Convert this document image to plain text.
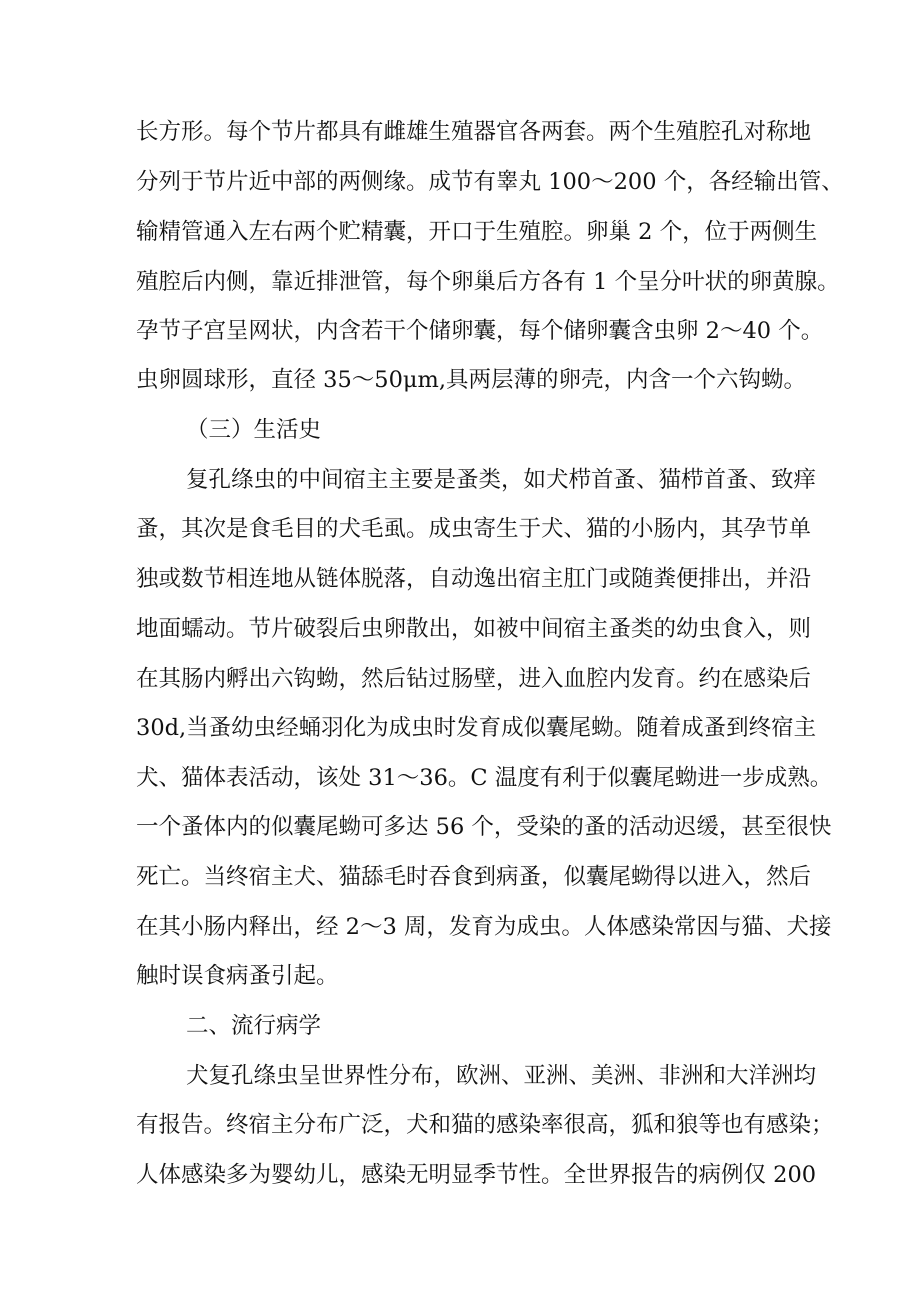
长方形。每个节片都具有雌雄生殖器官各两套。两个生殖腔孔对称地

分列于节片近中部的两侧缘。成节有睾丸 100～200 个，各经输出管、

输精管通入左右两个贮精囊，开口于生殖腔。卵巢 2 个，位于两侧生

殖腔后内侧，靠近排泄管，每个卵巢后方各有 1 个呈分叶状的卵黄腺。

孕节子宫呈网状，内含若干个储卵囊，每个储卵囊含虫卵 2～40 个。

虫卵圆球形，直径 35～50μm,具两层薄的卵壳，内含一个六钩蚴。

（三）生活史

复孔绦虫的中间宿主主要是蚤类，如犬栉首蚤、猫栉首蚤、致痒

蚤，其次是食毛目的犬毛虱。成虫寄生于犬、猫的小肠内，其孕节单

独或数节相连地从链体脱落，自动逸出宿主肛门或随粪便排出，并沿

地面蠕动。节片破裂后虫卵散出，如被中间宿主蚤类的幼虫食入，则

在其肠内孵出六钩蚴，然后钻过肠壁，进入血腔内发育。约在感染后

30d,当蚤幼虫经蛹羽化为成虫时发育成似囊尾蚴。随着成蚤到终宿主

犬、猫体表活动，该处 31～36。C 温度有利于似囊尾蚴进一步成熟。

一个蚤体内的似囊尾蚴可多达 56 个，受染的蚤的活动迟缓，甚至很快

死亡。当终宿主犬、猫舔毛时吞食到病蚤，似囊尾蚴得以进入，然后

在其小肠内释出，经 2～3 周，发育为成虫。人体感染常因与猫、犬接

触时误食病蚤引起。

二、流行病学

犬复孔绦虫呈世界性分布，欧洲、亚洲、美洲、非洲和大洋洲均

有报告。终宿主分布广泛，犬和猫的感染率很高，狐和狼等也有感染；

人体感染多为婴幼儿，感染无明显季节性。全世界报告的病例仅 200
